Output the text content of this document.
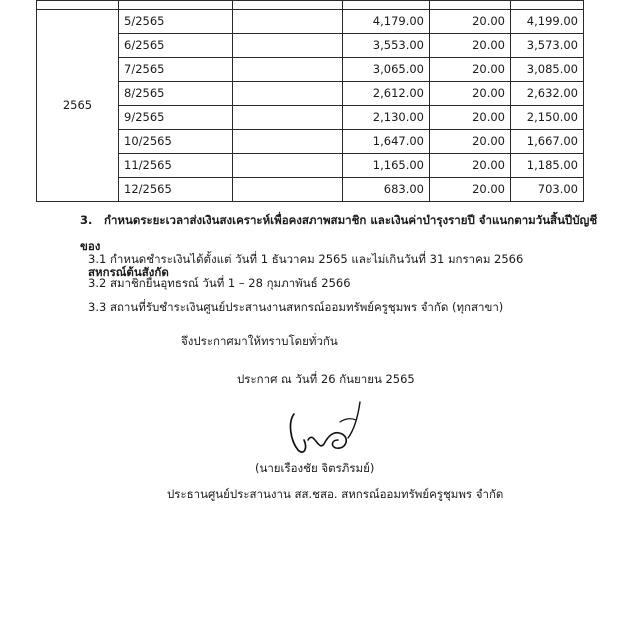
2565	5/2565		4,179.00	20.00	4,199.00
	6/2565		3,553.00	20.00	3,573.00
	7/2565		3,065.00	20.00	3,085.00
	8/2565		2,612.00	20.00	2,632.00
	9/2565		2,130.00	20.00	2,150.00
	10/2565		1,647.00	20.00	1,667.00
	11/2565		1,165.00	20.00	1,185.00
	12/2565		683.00	20.00	703.00
3. กำหนดระยะเวลาส่งเงินสงเคราะห์เพื่อคงสภาพสมาชิก และเงินค่าบำรุงรายปี จำแนกตามวันสิ้นปีบัญชีของ
สหกรณ์ต้นสังกัด
3.1 กำหนดชำระเงินได้ตั้งแต่ วันที่ 1 ธันวาคม 2565 และไม่เกินวันที่ 31 มกราคม 2566
3.2 สมาชิกยื่นอุทธรณ์ วันที่ 1 – 28 กุมภาพันธ์ 2566
3.3 สถานที่รับชำระเงินศูนย์ประสานงานสหกรณ์ออมทรัพย์ครูชุมพร จำกัด (ทุกสาขา)
จึงประกาศมาให้ทราบโดยทั่วกัน
ประกาศ ณ วันที่ 26 กันยายน 2565
(นายเรืองชัย จิตรภิรมย์)
ประธานศูนย์ประสานงาน สส.ชสอ. สหกรณ์ออมทรัพย์ครูชุมพร จำกัด
